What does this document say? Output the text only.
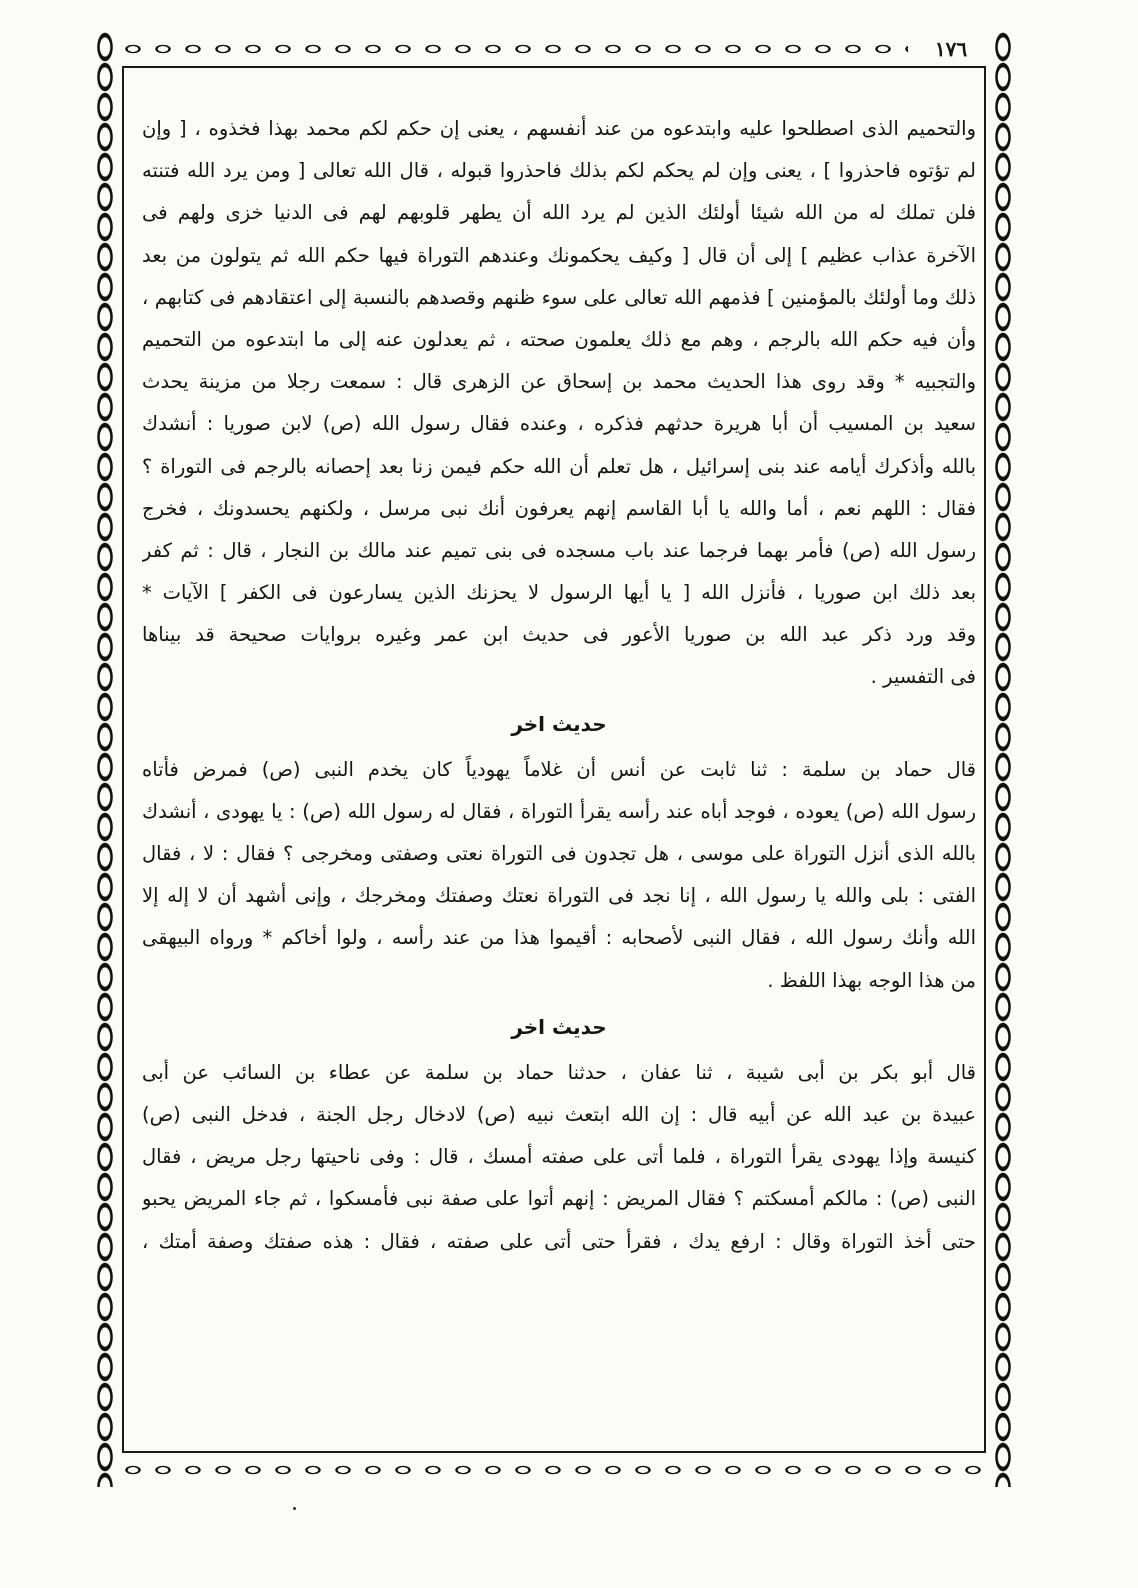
١٧٦
والتحميم الذى اصطلحوا عليه وابتدعوه من عند أنفسهم ، يعنى إن حكم لكم محمد بهذا فخذوه ، [ وإن
لم تؤتوه فاحذروا ] ، يعنى وإن لم يحكم لكم بذلك فاحذروا قبوله ، قال الله تعالى [ ومن يرد الله فتنته
فلن تملك له من الله شيئا أولئك الذين لم يرد الله أن يطهر قلوبهم لهم فى الدنيا خزى ولهم فى
الآخرة عذاب عظيم ] إلى أن قال [ وكيف يحكمونك وعندهم التوراة فيها حكم الله ثم يتولون من بعد
ذلك وما أولئك بالمؤمنين ] فذمهم الله تعالى على سوء ظنهم وقصدهم بالنسبة إلى اعتقادهم فى كتابهم ،
وأن فيه حكم الله بالرجم ، وهم مع ذلك يعلمون صحته ، ثم يعدلون عنه إلى ما ابتدعوه من التحميم
والتجبيه * وقد روى هذا الحديث محمد بن إسحاق عن الزهرى قال : سمعت رجلا من مزينة يحدث
سعيد بن المسيب أن أبا هريرة حدثهم فذكره ، وعنده فقال رسول الله (ص) لابن صوريا : أنشدك
بالله وأذكرك أيامه عند بنى إسرائيل ، هل تعلم أن الله حكم فيمن زنا بعد إحصانه بالرجم فى التوراة ؟
فقال : اللهم نعم ، أما والله يا أبا القاسم إنهم يعرفون أنك نبى مرسل ، ولكنهم يحسدونك ، فخرج
رسول الله (ص) فأمر بهما فرجما عند باب مسجده فى بنى تميم عند مالك بن النجار ، قال : ثم كفر
بعد ذلك ابن صوريا ، فأنزل الله [ يا أيها الرسول لا يحزنك الذين يسارعون فى الكفر ] الآيات *
وقد ورد ذكر عبد الله بن صوريا الأعور فى حديث ابن عمر وغيره بروايات صحيحة قد بيناها
فى التفسير .
حديث اخر
قال حماد بن سلمة : ثنا ثابت عن أنس أن غلاماً يهودياً كان يخدم النبى (ص) فمرض فأتاه
رسول الله (ص) يعوده ، فوجد أباه عند رأسه يقرأ التوراة ، فقال له رسول الله (ص) : يا يهودى ، أنشدك
بالله الذى أنزل التوراة على موسى ، هل تجدون فى التوراة نعتى وصفتى ومخرجى ؟ فقال : لا ، فقال
الفتى : بلى والله يا رسول الله ، إنا نجد فى التوراة نعتك وصفتك ومخرجك ، وإنى أشهد أن لا إله إلا
الله وأنك رسول الله ، فقال النبى لأصحابه : أقيموا هذا من عند رأسه ، ولوا أخاكم * ورواه البيهقى
من هذا الوجه بهذا اللفظ .
حديث اخر
قال أبو بكر بن أبى شيبة ، ثنا عفان ، حدثنا حماد بن سلمة عن عطاء بن السائب عن أبى
عبيدة بن عبد الله عن أبيه قال : إن الله ابتعث نبيه (ص) لادخال رجل الجنة ، فدخل النبى (ص)
كنيسة وإذا يهودى يقرأ التوراة ، فلما أتى على صفته أمسك ، قال : وفى ناحيتها رجل مريض ، فقال
النبى (ص) : مالكم أمسكتم ؟ فقال المريض : إنهم أتوا على صفة نبى فأمسكوا ، ثم جاء المريض يحبو
حتى أخذ التوراة وقال : ارفع يدك ، فقرأ حتى أتى على صفته ، فقال : هذه صفتك وصفة أمتك ،
